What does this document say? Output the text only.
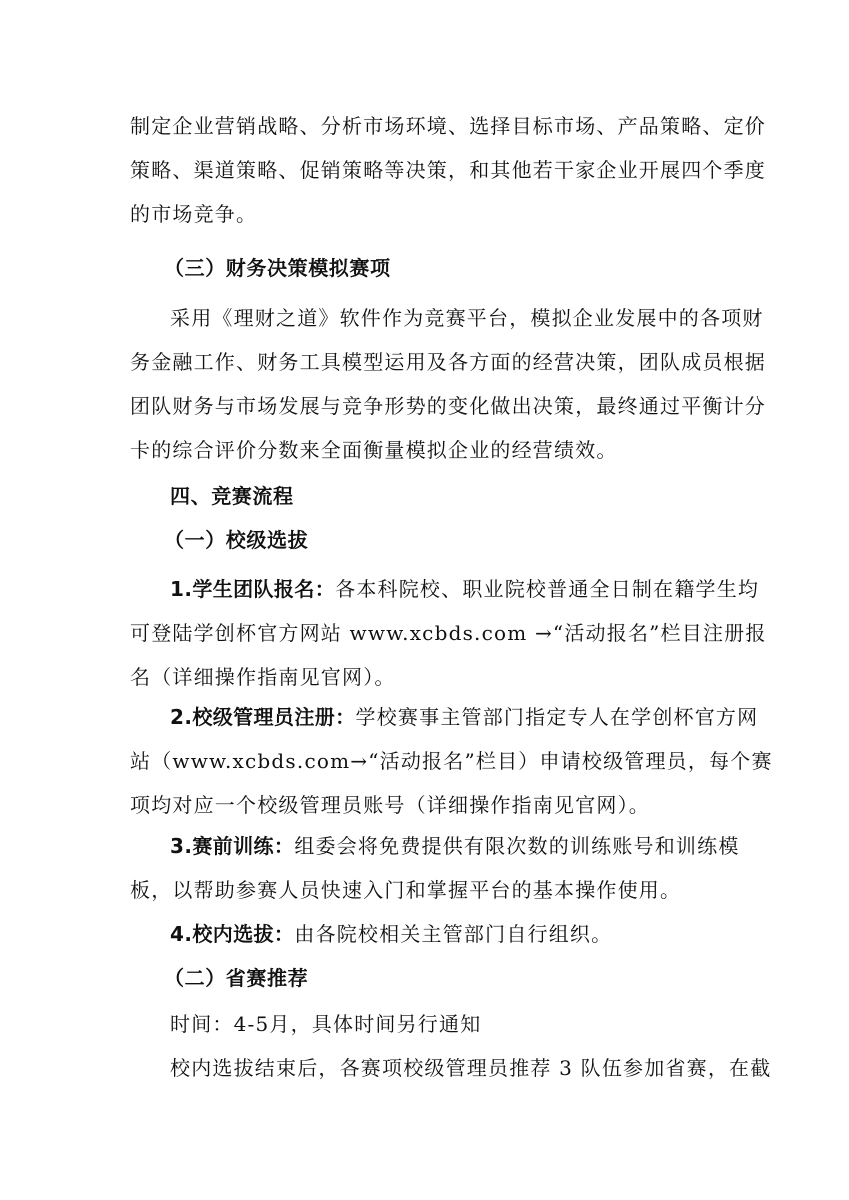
制定企业营销战略、分析市场环境、选择目标市场、产品策略、定价
策略、渠道策略、促销策略等决策，和其他若干家企业开展四个季度
的市场竞争。
（三）财务决策模拟赛项
采用《理财之道》软件作为竞赛平台，模拟企业发展中的各项财
务金融工作、财务工具模型运用及各方面的经营决策，团队成员根据
团队财务与市场发展与竞争形势的变化做出决策，最终通过平衡计分
卡的综合评价分数来全面衡量模拟企业的经营绩效。
四、竞赛流程
（一）校级选拔
1.学生团队报名：各本科院校、职业院校普通全日制在籍学生均
可登陆学创杯官方网站 www.xcbds.com →“活动报名”栏目注册报
名（详细操作指南见官网）。
2.校级管理员注册：学校赛事主管部门指定专人在学创杯官方网
站（www.xcbds.com→“活动报名”栏目）申请校级管理员，每个赛
项均对应一个校级管理员账号（详细操作指南见官网）。
3.赛前训练：组委会将免费提供有限次数的训练账号和训练模
板，以帮助参赛人员快速入门和掌握平台的基本操作使用。
4.校内选拔：由各院校相关主管部门自行组织。
（二）省赛推荐
时间：4-5月，具体时间另行通知
校内选拔结束后，各赛项校级管理员推荐 3 队伍参加省赛，在截
